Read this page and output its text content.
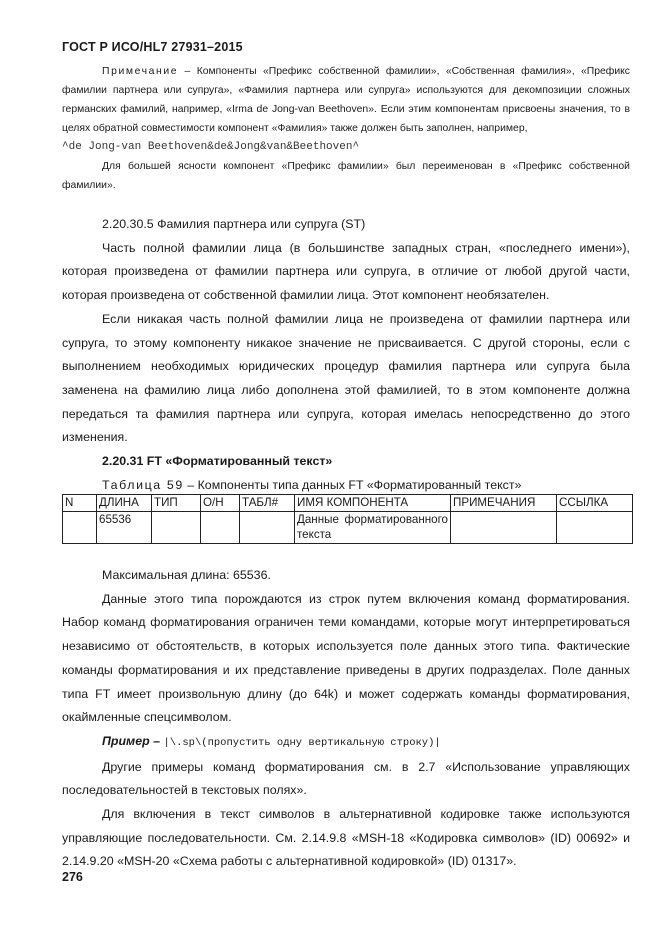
ГОСТ Р ИСО/HL7 27931–2015

Примечание – Компоненты «Префикс собственной фамилии», «Собственная фамилия», «Префикс фамилии партнера или супруга», «Фамилия партнера или супруга» используются для декомпозиции сложных германских фамилий, например, «Irma de Jong-van Beethoven». Если этим компонентам присвоены значения, то в целях обратной совместимости компонент «Фамилия» также должен быть заполнен, например,

^de Jong-van Beethoven&de&Jong&van&Beethoven^

Для большей ясности компонент «Префикс фамилии» был переименован в «Префикс собственной фамилии».

2.20.30.5 Фамилия партнера или супруга (ST)

Часть полной фамилии лица (в большинстве западных стран, «последнего имени»), которая произведена от фамилии партнера или супруга, в отличие от любой другой части, которая произведена от собственной фамилии лица. Этот компонент необязателен.

Если никакая часть полной фамилии лица не произведена от фамилии партнера или супруга, то этому компоненту никакое значение не присваивается. С другой стороны, если с выполнением необходимых юридических процедур фамилия партнера или супруга была заменена на фамилию лица либо дополнена этой фамилией, то в этом компоненте должна передаться та фамилия партнера или супруга, которая имелась непосредственно до этого изменения.

2.20.31 FT «Форматированный текст»

Таблица 59 – Компоненты типа данных FT «Форматированный текст»

N	ДЛИНА	ТИП	О/Н	ТАБЛ#	ИМЯ КОМПОНЕНТА	ПРИМЕЧАНИЯ	ССЫЛКА
	65536				Данные форматированного текста		

Максимальная длина: 65536.

Данные этого типа порождаются из строк путем включения команд форматирования. Набор команд форматирования ограничен теми командами, которые могут интерпретироваться независимо от обстоятельств, в которых используется поле данных этого типа. Фактические команды форматирования и их представление приведены в других подразделах. Поле данных типа FT имеет произвольную длину (до 64k) и может содержать команды форматирования, окаймленные спецсимволом.

Пример – |\.sp\(пропустить одну вертикальную строку)|

Другие примеры команд форматирования см. в 2.7 «Использование управляющих последовательностей в текстовых полях».

Для включения в текст символов в альтернативной кодировке также используются управляющие последовательности. См. 2.14.9.8 «MSH-18 «Кодировка символов» (ID) 00692» и 2.14.9.20 «MSH-20 «Схема работы с альтернативной кодировкой» (ID) 01317».

276
